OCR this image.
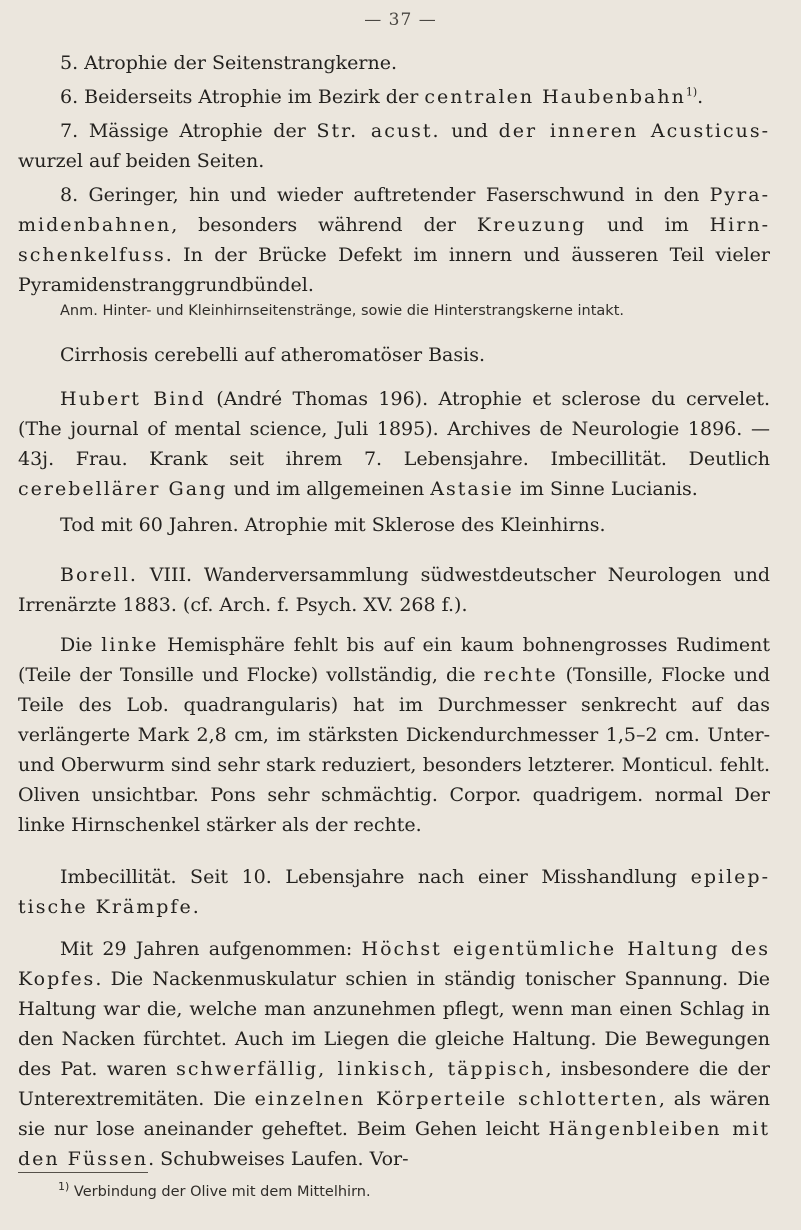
— 37 —

5. Atrophie der Seitenstrangkerne.

6. Beiderseits Atrophie im Bezirk der centralen Haubenbahn$^{1)}$.

7. Mässige Atrophie der Str. acust. und der inneren Acusticus- wurzel auf beiden Seiten.

8. Geringer, hin und wieder auftretender Faserschwund in den Pyra-midenbahnen, besonders während der Kreuzung und im Hirn-schenkelfuss. In der Brücke Defekt im innern und äusseren Teil vieler Pyramidenstranggrundbündel.

Anm. Hinter- und Kleinhirnseitenstränge, sowie die Hinterstrangskerne intakt.

Cirrhosis cerebelli auf atheromatöser Basis.

Hubert Bind (André Thomas 196). Atrophie et sclerose du cervelet. (The journal of mental science, Juli 1895). Archives de Neurologie 1896. — 43j. Frau. Krank seit ihrem 7. Lebensjahre. Imbecillität. Deutlich cerebellärer Gang und im allgemeinen Astasie im Sinne Lucianis.

Tod mit 60 Jahren. Atrophie mit Sklerose des Kleinhirns.

Borell. VIII. Wanderversammlung südwestdeutscher Neurologen und Irrenärzte 1883. (cf. Arch. f. Psych. XV. 268 f.).

Die linke Hemisphäre fehlt bis auf ein kaum bohnengrosses Rudiment (Teile der Tonsille und Flocke) vollständig, die rechte (Tonsille, Flocke und Teile des Lob. quadrangularis) hat im Durchmesser senkrecht auf das verlängerte Mark 2,8 cm, im stärksten Dickendurchmesser 1,5–2 cm. Unter- und Oberwurm sind sehr stark reduziert, besonders letzterer. Monticul. fehlt. Oliven unsichtbar. Pons sehr schmächtig. Corpor. quadrigem. normal Der linke Hirnschenkel stärker als der rechte.

Imbecillität. Seit 10. Lebensjahre nach einer Misshandlung epilep-tische Krämpfe.

Mit 29 Jahren aufgenommen: Höchst eigentümliche Haltung des Kopfes. Die Nackenmuskulatur schien in ständig tonischer Spannung. Die Haltung war die, welche man anzunehmen pflegt, wenn man einen Schlag in den Nacken fürchtet. Auch im Liegen die gleiche Haltung. Die Bewegungen des Pat. waren schwerfällig, linkisch, täppisch, insbesondere die der Unterextremitäten. Die einzelnen Körperteile schlotterten, als wären sie nur lose aneinander geheftet. Beim Gehen leicht Hängenbleiben mit den Füssen. Schubweises Laufen. Vor-

$^{1)}$ Verbindung der Olive mit dem Mittelhirn.
